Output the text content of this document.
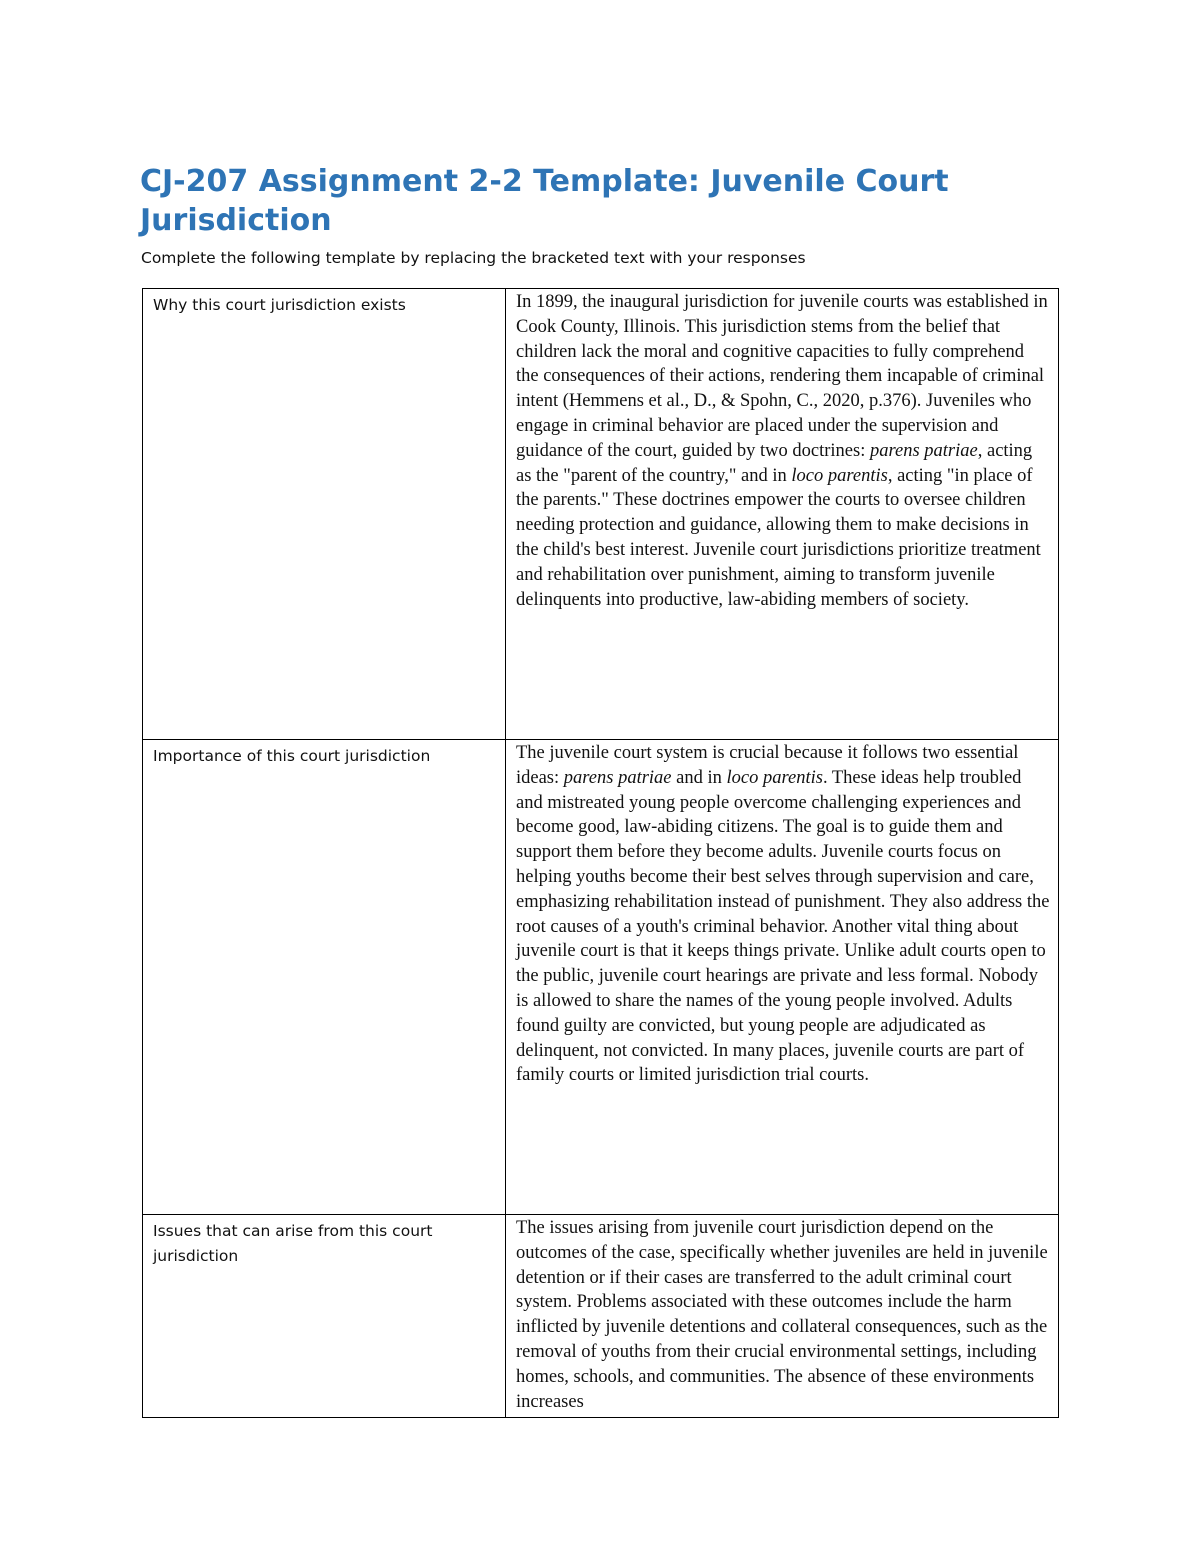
CJ-207 Assignment 2-2 Template: Juvenile Court Jurisdiction

Complete the following template by replacing the bracketed text with your responses

Why this court jurisdiction exists	In 1899, the inaugural jurisdiction for juvenile courts was established in Cook County, Illinois. This jurisdiction stems from the belief that children lack the moral and cognitive capacities to fully comprehend the consequences of their actions, rendering them incapable of criminal intent (Hemmens et al., D., & Spohn, C., 2020, p.376). Juveniles who engage in criminal behavior are placed under the supervision and guidance of the court, guided by two doctrines: parens patriae, acting as the "parent of the country," and in loco parentis, acting "in place of the parents." These doctrines empower the courts to oversee children needing protection and guidance, allowing them to make decisions in the child's best interest. Juvenile court jurisdictions prioritize treatment and rehabilitation over punishment, aiming to transform juvenile delinquents into productive, law-abiding members of society.
Importance of this court jurisdiction	The juvenile court system is crucial because it follows two essential ideas: parens patriae and in loco parentis. These ideas help troubled and mistreated young people overcome challenging experiences and become good, law-abiding citizens. The goal is to guide them and support them before they become adults. Juvenile courts focus on helping youths become their best selves through supervision and care, emphasizing rehabilitation instead of punishment. They also address the root causes of a youth's criminal behavior. Another vital thing about juvenile court is that it keeps things private. Unlike adult courts open to the public, juvenile court hearings are private and less formal. Nobody is allowed to share the names of the young people involved. Adults found guilty are convicted, but young people are adjudicated as delinquent, not convicted. In many places, juvenile courts are part of family courts or limited jurisdiction trial courts.
Issues that can arise from this court jurisdiction	The issues arising from juvenile court jurisdiction depend on the outcomes of the case, specifically whether juveniles are held in juvenile detention or if their cases are transferred to the adult criminal court system. Problems associated with these outcomes include the harm inflicted by juvenile detentions and collateral consequences, such as the removal of youths from their crucial environmental settings, including homes, schools, and communities. The absence of these environments increases
